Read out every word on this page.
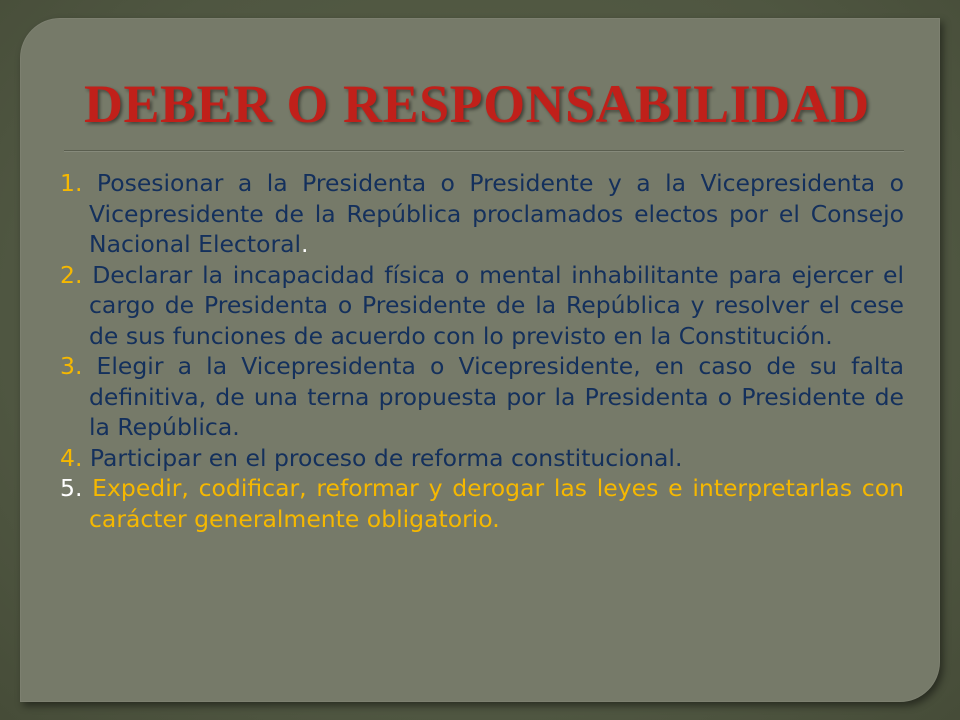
DEBER O RESPONSABILIDAD

1. Posesionar a la Presidenta o Presidente y a la Vicepresidenta o Vicepresidente de la República proclamados electos por el Consejo Nacional Electoral.

2. Declarar la incapacidad física o mental inhabilitante para ejercer el cargo de Presidenta o Presidente de la República y resolver el cese de sus funciones de acuerdo con lo previsto en la Constitución.

3. Elegir a la Vicepresidenta o Vicepresidente, en caso de su falta definitiva, de una terna propuesta por la Presidenta o Presidente de la República.

4. Participar en el proceso de reforma constitucional.

5. Expedir, codificar, reformar y derogar las leyes e interpretarlas con carácter generalmente obligatorio.
